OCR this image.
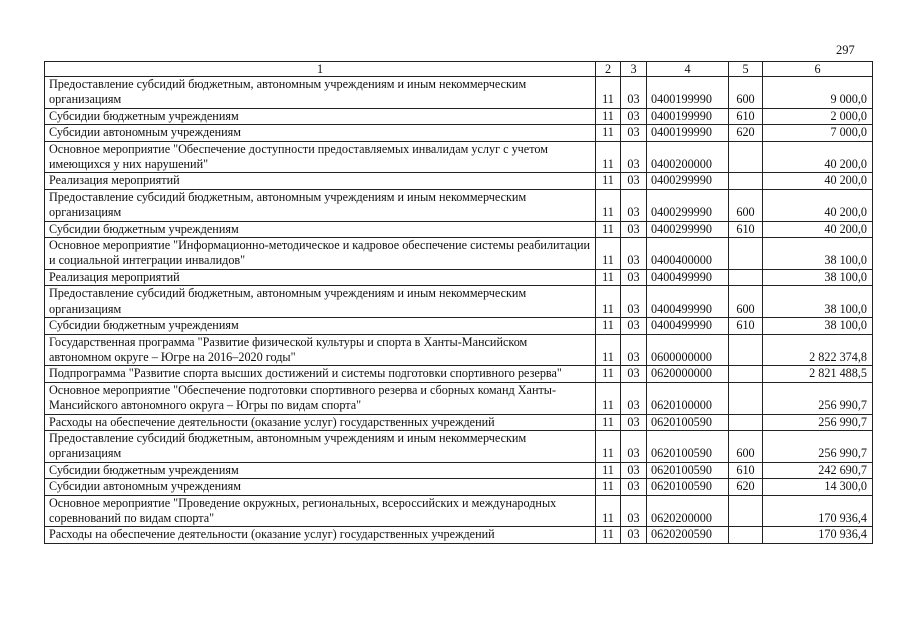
297
1	2	3	4	5	6
Предоставление субсидий бюджетным, автономным учреждениям и иным некоммерческим организациям	11	03	0400199990	600	9 000,0
Субсидии бюджетным учреждениям	11	03	0400199990	610	2 000,0
Субсидии автономным учреждениям	11	03	0400199990	620	7 000,0
Основное мероприятие "Обеспечение доступности предоставляемых инвалидам услуг с учетом имеющихся у них нарушений"	11	03	0400200000		40 200,0
Реализация мероприятий	11	03	0400299990		40 200,0
Предоставление субсидий бюджетным, автономным учреждениям и иным некоммерческим организациям	11	03	0400299990	600	40 200,0
Субсидии бюджетным учреждениям	11	03	0400299990	610	40 200,0
Основное мероприятие "Информационно-методическое и кадровое обеспечение системы реабилитации и социальной интеграции инвалидов"	11	03	0400400000		38 100,0
Реализация мероприятий	11	03	0400499990		38 100,0
Предоставление субсидий бюджетным, автономным учреждениям и иным некоммерческим организациям	11	03	0400499990	600	38 100,0
Субсидии бюджетным учреждениям	11	03	0400499990	610	38 100,0
Государственная программа "Развитие физической культуры и спорта в Ханты-Мансийском автономном округе – Югре на 2016–2020 годы"	11	03	0600000000		2 822 374,8
Подпрограмма "Развитие спорта высших достижений и системы подготовки спортивного резерва"	11	03	0620000000		2 821 488,5
Основное мероприятие "Обеспечение подготовки спортивного резерва и сборных команд Ханты-Мансийского автономного округа – Югры по видам спорта"	11	03	0620100000		256 990,7
Расходы на обеспечение деятельности (оказание услуг) государственных учреждений	11	03	0620100590		256 990,7
Предоставление субсидий бюджетным, автономным учреждениям и иным некоммерческим организациям	11	03	0620100590	600	256 990,7
Субсидии бюджетным учреждениям	11	03	0620100590	610	242 690,7
Субсидии автономным учреждениям	11	03	0620100590	620	14 300,0
Основное мероприятие "Проведение окружных, региональных, всероссийских и международных соревнований по видам спорта"	11	03	0620200000		170 936,4
Расходы на обеспечение деятельности (оказание услуг) государственных учреждений	11	03	0620200590		170 936,4
